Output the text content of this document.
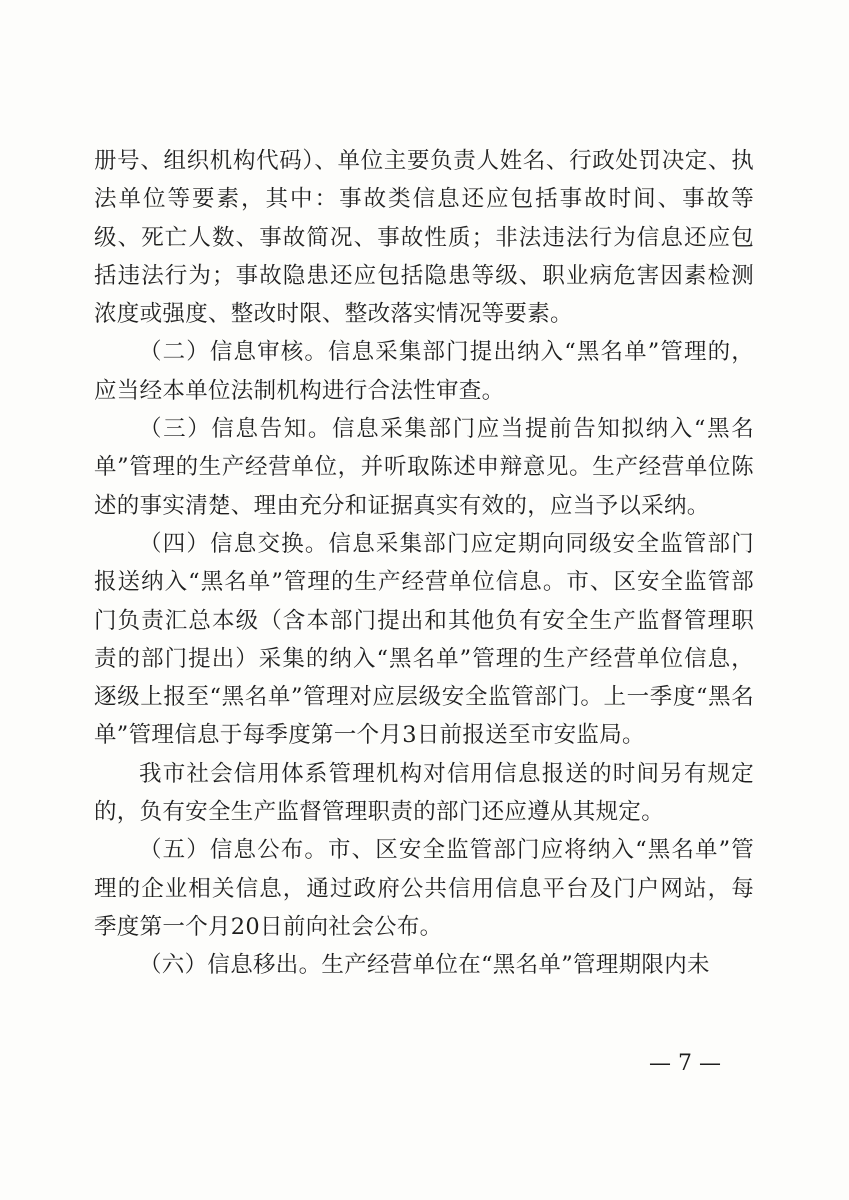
册号、组织机构代码）、单位主要负责人姓名、行政处罚决定、执法单位等要素，其中：事故类信息还应包括事故时间、事故等级、死亡人数、事故简况、事故性质；非法违法行为信息还应包括违法行为；事故隐患还应包括隐患等级、职业病危害因素检测浓度或强度、整改时限、整改落实情况等要素。

（二）信息审核。信息采集部门提出纳入“黑名单”管理的，应当经本单位法制机构进行合法性审查。

（三）信息告知。信息采集部门应当提前告知拟纳入“黑名单”管理的生产经营单位，并听取陈述申辩意见。生产经营单位陈述的事实清楚、理由充分和证据真实有效的，应当予以采纳。

（四）信息交换。信息采集部门应定期向同级安全监管部门报送纳入“黑名单”管理的生产经营单位信息。市、区安全监管部门负责汇总本级（含本部门提出和其他负有安全生产监督管理职责的部门提出）采集的纳入“黑名单”管理的生产经营单位信息，逐级上报至“黑名单”管理对应层级安全监管部门。上一季度“黑名单”管理信息于每季度第一个月3日前报送至市安监局。

我市社会信用体系管理机构对信用信息报送的时间另有规定的，负有安全生产监督管理职责的部门还应遵从其规定。

（五）信息公布。市、区安全监管部门应将纳入“黑名单”管理的企业相关信息，通过政府公共信用信息平台及门户网站，每季度第一个月20日前向社会公布。

（六）信息移出。生产经营单位在“黑名单”管理期限内未

— 7 —
